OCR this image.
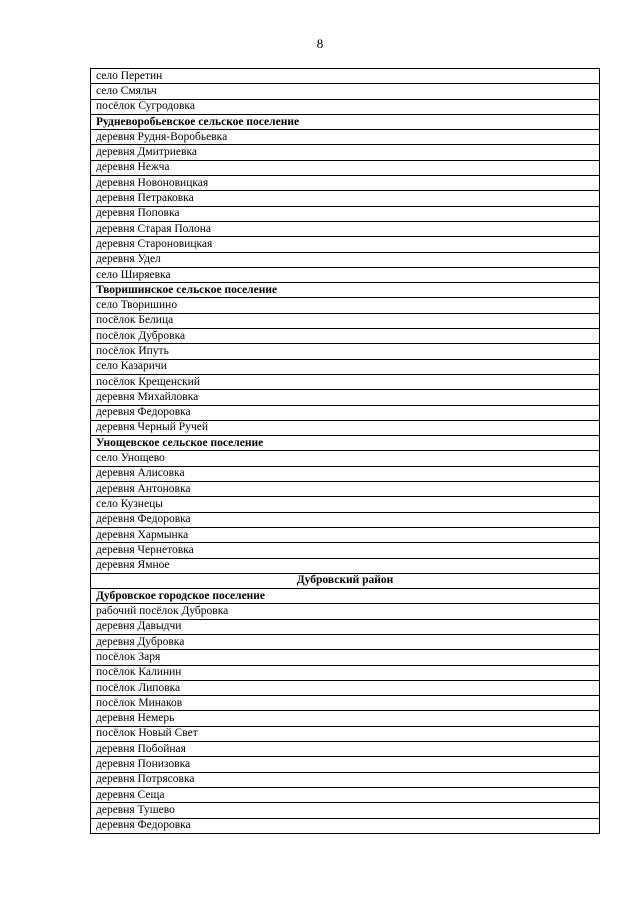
8
село Перетин
село Смяльч
посёлок Сугродовка
Рудневоробьевское сельское поселение
деревня Рудня-Воробьевка
деревня Дмитриевка
деревня Нежча
деревня Новоновицкая
деревня Петраковка
деревня Поповка
деревня Старая Полона
деревня Староновицкая
деревня Удел
село Ширяевка
Творишинское сельское поселение
село Творишино
посёлок Белица
посёлок Дубровка
посёлок Ипуть
село Казаричи
посёлок Крещенский
деревня Михайловка
деревня Федоровка
деревня Черный Ручей
Унощевское сельское поселение
село Унощево
деревня Алисовка
деревня Антоновка
село Кузнецы
деревня Федоровка
деревня Хармынка
деревня Чернетовка
деревня Ямное
Дубровский район
Дубровское городское поселение
рабочий посёлок Дубровка
деревня Давыдчи
деревня Дубровка
посёлок Заря
посёлок Калинин
посёлок Липовка
посёлок Минаков
деревня Немерь
посёлок Новый Свет
деревня Побойная
деревня Понизовка
деревня Потрясовка
деревня Сеща
деревня Тушево
деревня Федоровка
